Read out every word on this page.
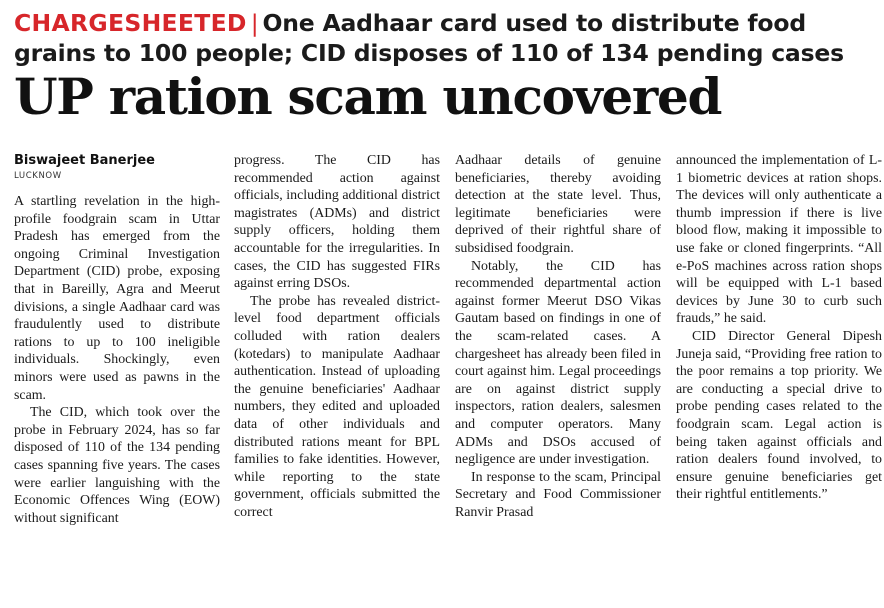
CHARGESHEETED | One Aadhaar card used to distribute food grains to 100 people; CID disposes of 110 of 134 pending cases
UP ration scam uncovered
Biswajeet Banerjee
LUCKNOW

A startling revelation in the high-profile foodgrain scam in Uttar Pradesh has emerged from the ongoing Criminal Investigation Department (CID) probe, exposing that in Bareilly, Agra and Meerut divisions, a single Aadhaar card was fraudulently used to distribute rations to up to 100 ineligible individuals. Shockingly, even minors were used as pawns in the scam.

The CID, which took over the probe in February 2024, has so far disposed of 110 of the 134 pending cases spanning five years. The cases were earlier languishing with the Economic Offences Wing (EOW) without significant

progress. The CID has recommended action against officials, including additional district magistrates (ADMs) and district supply officers, holding them accountable for the irregularities. In cases, the CID has suggested FIRs against erring DSOs.

The probe has revealed district-level food department officials colluded with ration dealers (kotedars) to manipulate Aadhaar authentication. Instead of uploading the genuine beneficiaries' Aadhaar numbers, they edited and uploaded data of other individuals and distributed rations meant for BPL families to fake identities. However, while reporting to the state government, officials submitted the correct

Aadhaar details of genuine beneficiaries, thereby avoiding detection at the state level. Thus, legitimate beneficiaries were deprived of their rightful share of subsidised foodgrain.

Notably, the CID has recommended departmental action against former Meerut DSO Vikas Gautam based on findings in one of the scam-related cases. A chargesheet has already been filed in court against him. Legal proceedings are on against district supply inspectors, ration dealers, salesmen and computer operators. Many ADMs and DSOs accused of negligence are under investigation.

In response to the scam, Principal Secretary and Food Commissioner Ranvir Prasad

announced the implementation of L-1 biometric devices at ration shops. The devices will only authenticate a thumb impression if there is live blood flow, making it impossible to use fake or cloned fingerprints. “All e-PoS machines across ration shops will be equipped with L-1 based devices by June 30 to curb such frauds,” he said.

CID Director General Dipesh Juneja said, “Providing free ration to the poor remains a top priority. We are conducting a special drive to probe pending cases related to the foodgrain scam. Legal action is being taken against officials and ration dealers found involved, to ensure genuine beneficiaries get their rightful entitlements.”
